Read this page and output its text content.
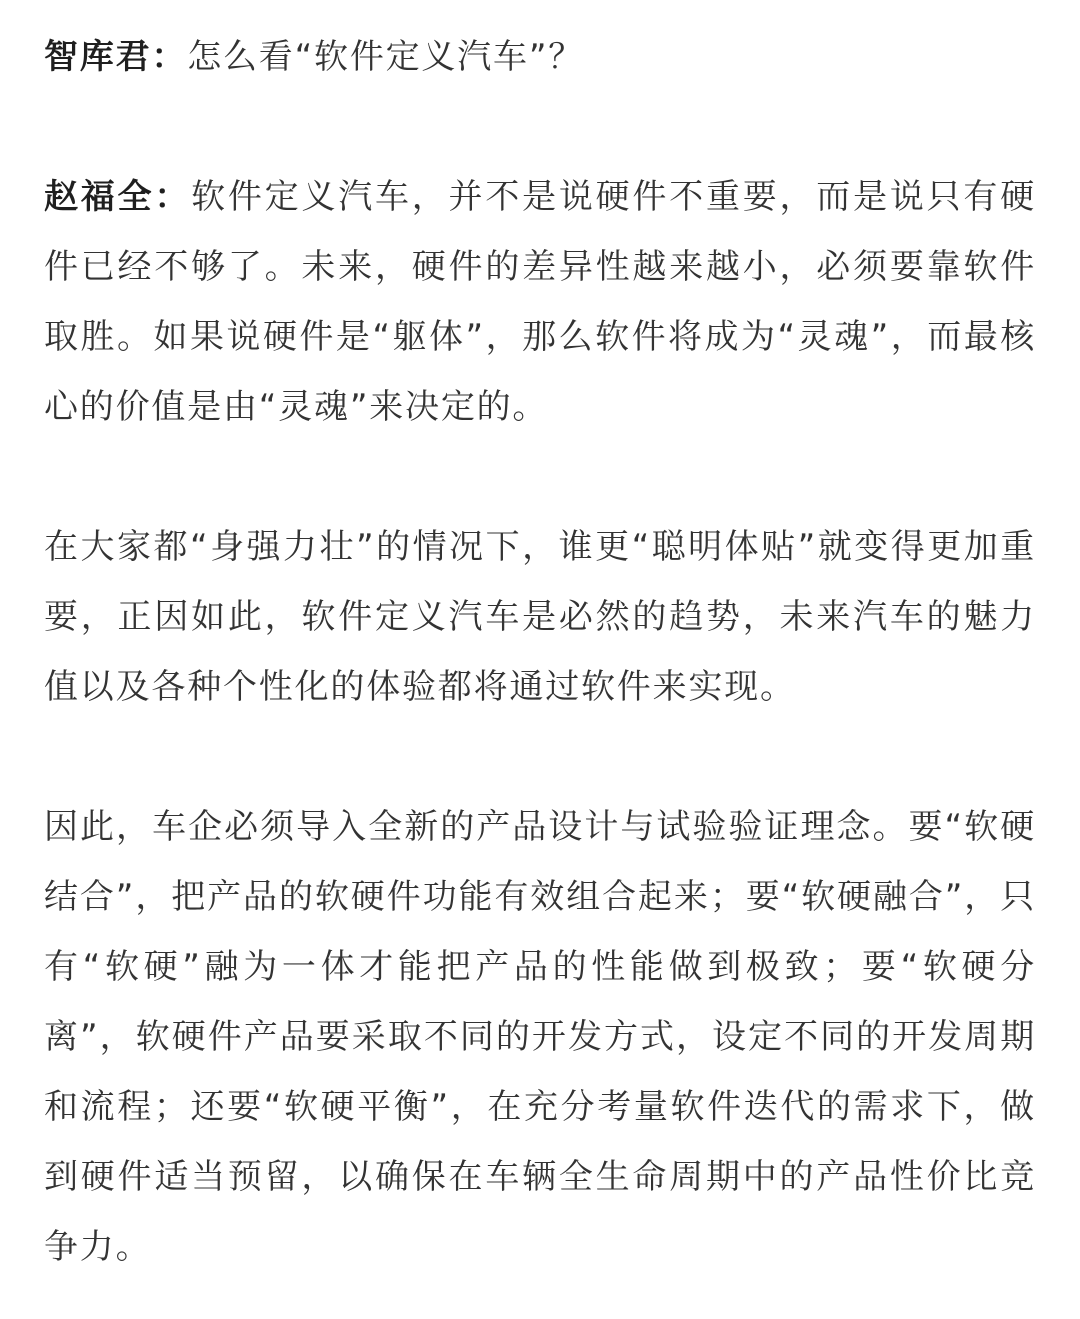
智库君：怎么看“软件定义汽车”？

赵福全：软件定义汽车，并不是说硬件不重要，而是说只有硬件已经不够了。未来，硬件的差异性越来越小，必须要靠软件取胜。如果说硬件是“躯体”，那么软件将成为“灵魂”，而最核心的价值是由“灵魂”来决定的。

在大家都“身强力壮”的情况下，谁更“聪明体贴”就变得更加重要，正因如此，软件定义汽车是必然的趋势，未来汽车的魅力值以及各种个性化的体验都将通过软件来实现。

因此，车企必须导入全新的产品设计与试验验证理念。要“软硬结合”，把产品的软硬件功能有效组合起来；要“软硬融合”，只有“软硬”融为一体才能把产品的性能做到极致；要“软硬分离”，软硬件产品要采取不同的开发方式，设定不同的开发周期和流程；还要“软硬平衡”，在充分考量软件迭代的需求下，做到硬件适当预留，以确保在车辆全生命周期中的产品性价比竞争力。
